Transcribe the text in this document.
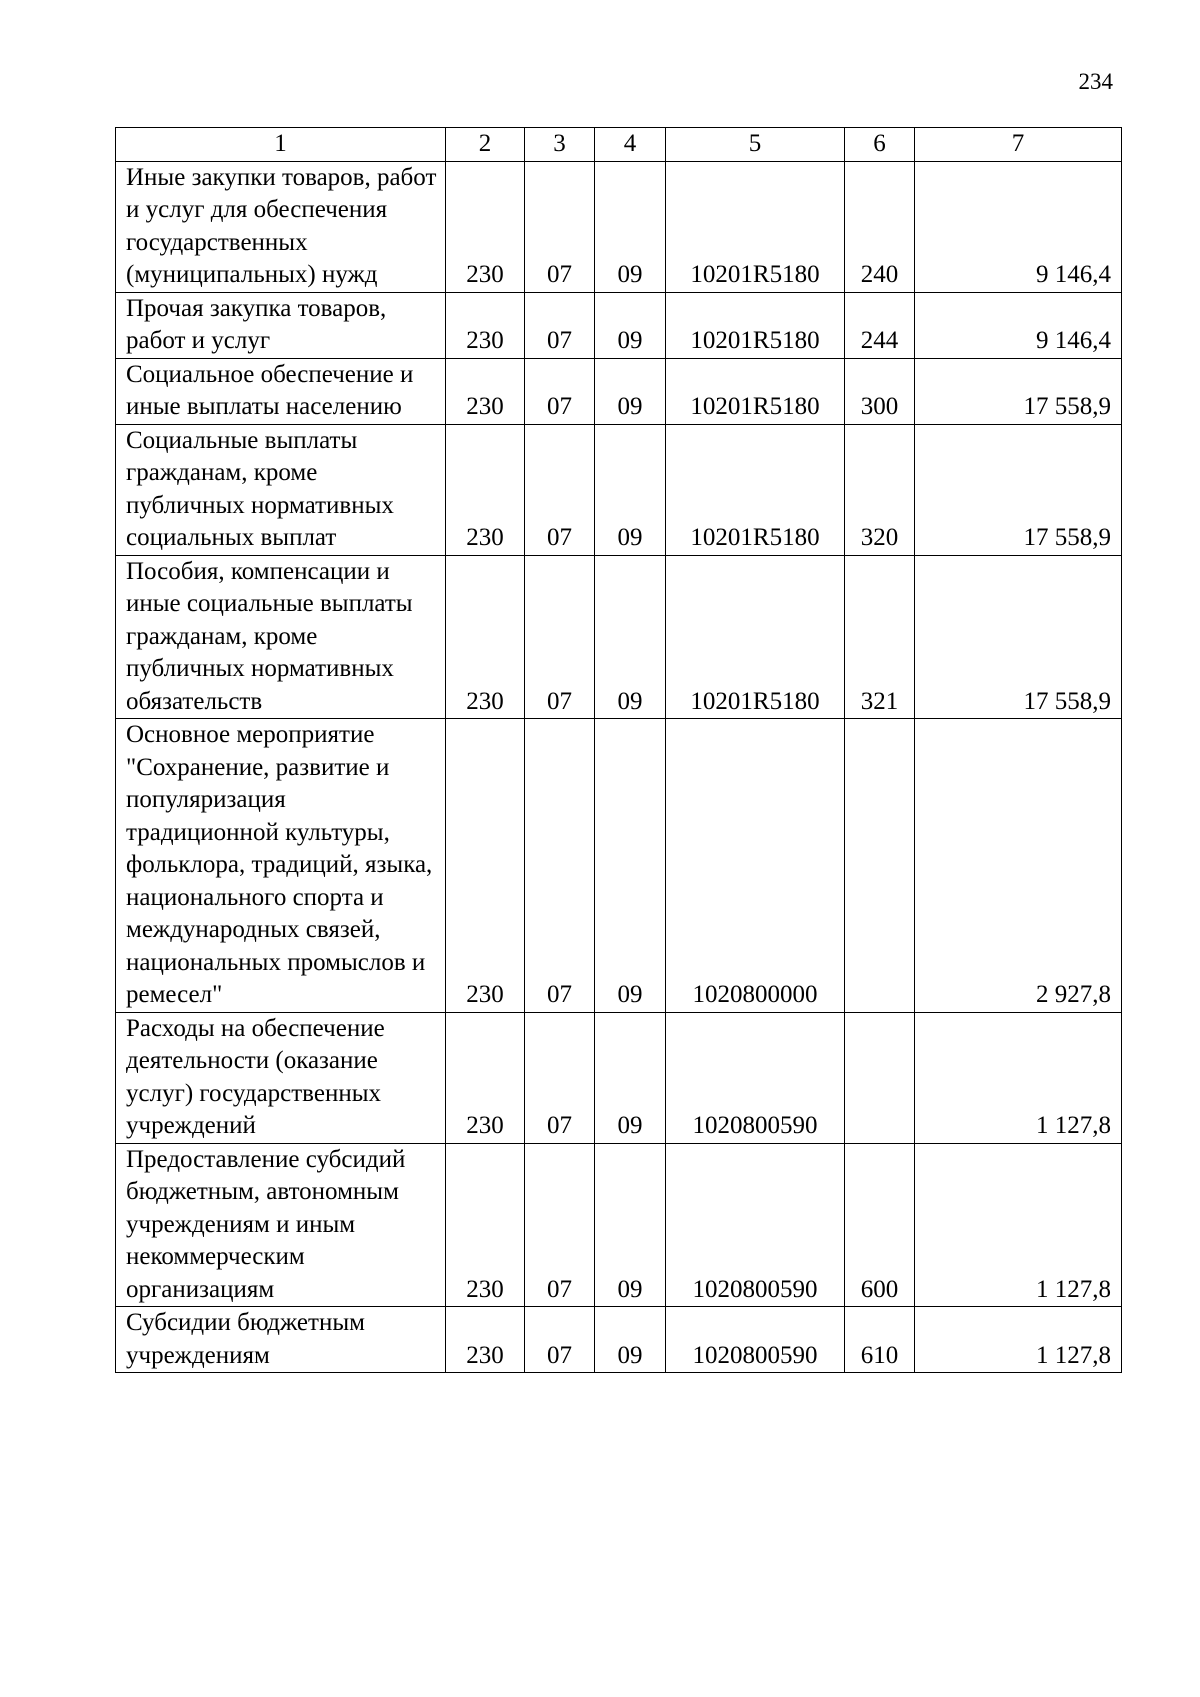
234
1	2	3	4	5	6	7
Иные закупки товаров, работ и услуг для обеспечения государственных (муниципальных) нужд	230	07	09	10201R5180	240	9 146,4
Прочая закупка товаров, работ и услуг	230	07	09	10201R5180	244	9 146,4
Социальное обеспечение и иные выплаты населению	230	07	09	10201R5180	300	17 558,9
Социальные выплаты гражданам, кроме публичных нормативных социальных выплат	230	07	09	10201R5180	320	17 558,9
Пособия, компенсации и иные социальные выплаты гражданам, кроме публичных нормативных обязательств	230	07	09	10201R5180	321	17 558,9
Основное мероприятие "Сохранение, развитие и популяризация традиционной культуры, фольклора, традиций, языка, национального спорта и международных связей, национальных промыслов и ремесел"	230	07	09	1020800000		2 927,8
Расходы на обеспечение деятельности (оказание услуг) государственных учреждений	230	07	09	1020800590		1 127,8
Предоставление субсидий бюджетным, автономным учреждениям и иным некоммерческим организациям	230	07	09	1020800590	600	1 127,8
Субсидии бюджетным учреждениям	230	07	09	1020800590	610	1 127,8
